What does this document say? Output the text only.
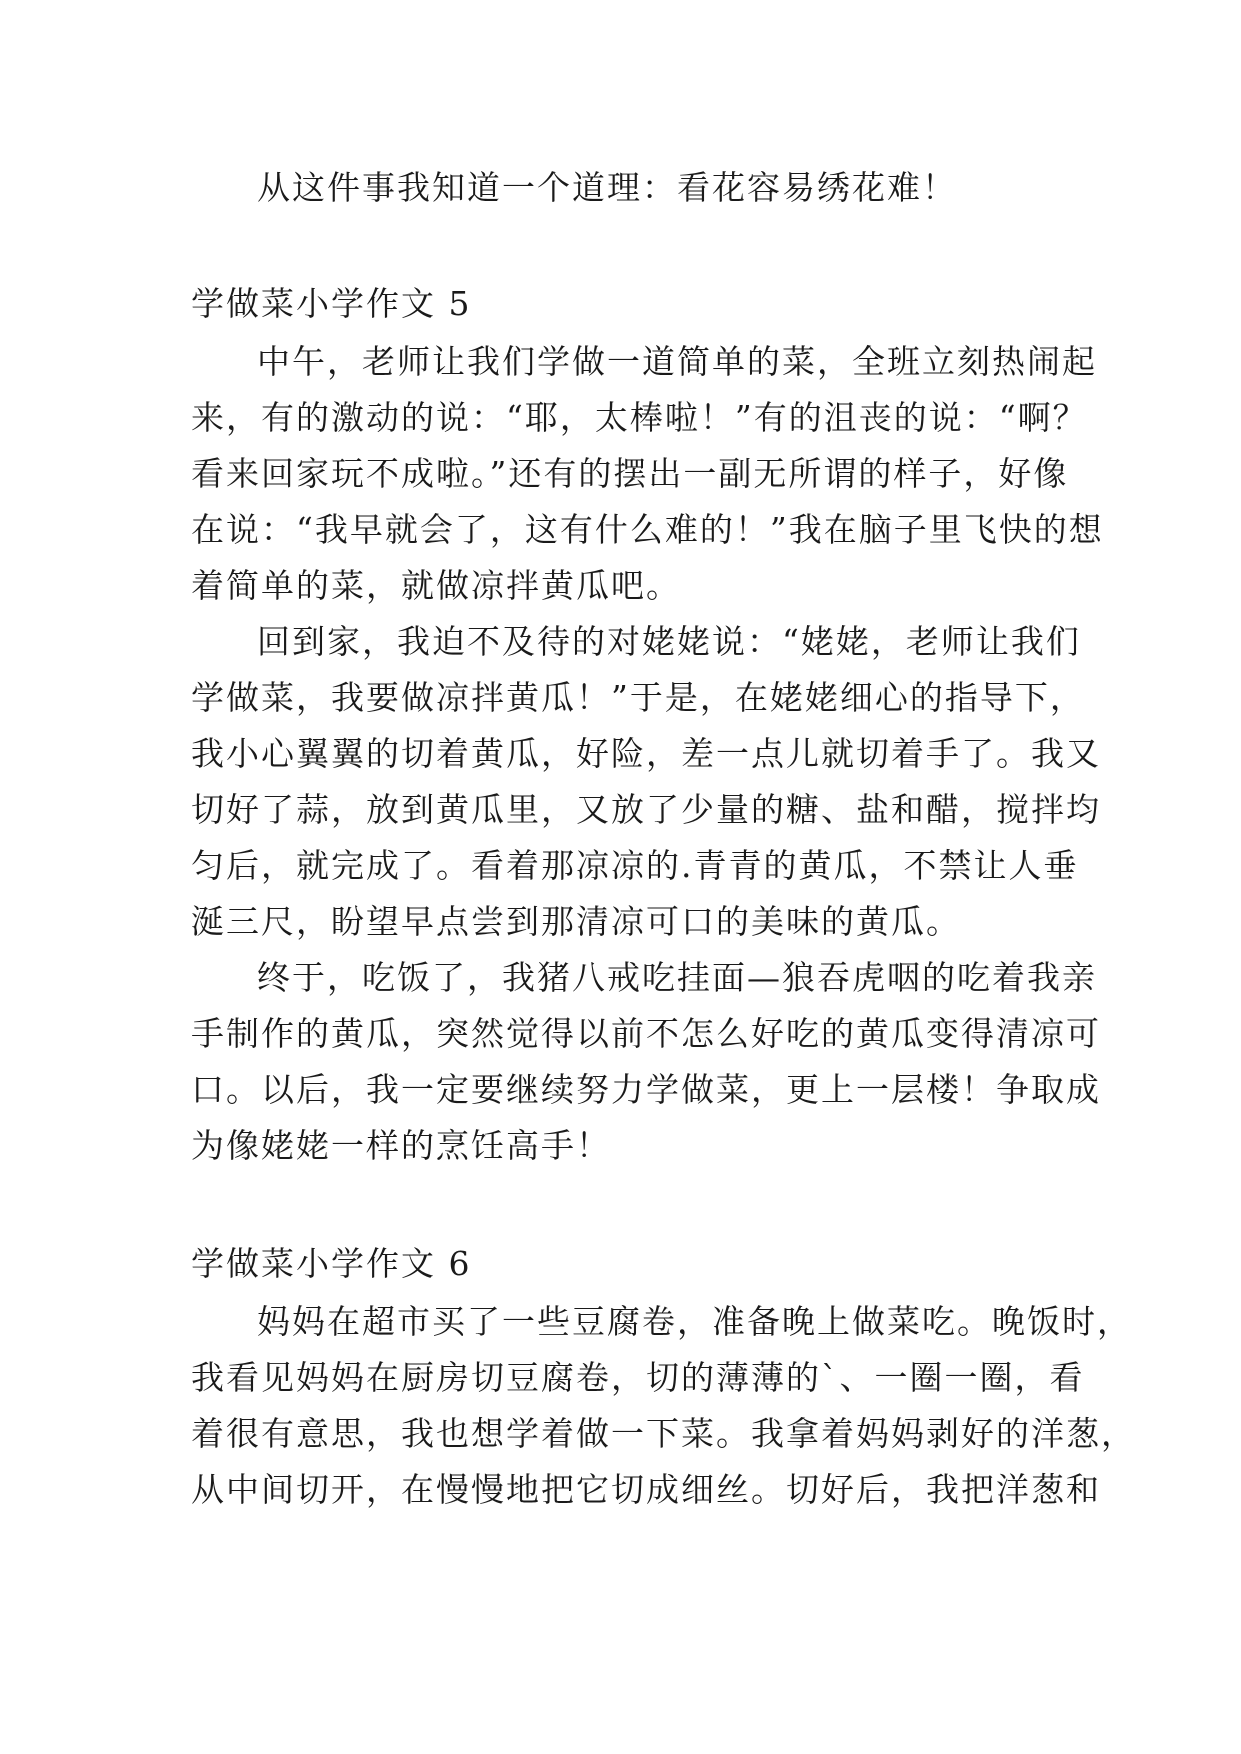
从这件事我知道一个道理：看花容易绣花难！
学做菜小学作文 5
中午，老师让我们学做一道简单的菜，全班立刻热闹起
来，有的激动的说：“耶，太棒啦！”有的沮丧的说：“啊？
看来回家玩不成啦。”还有的摆出一副无所谓的样子，好像
在说：“我早就会了，这有什么难的！”我在脑子里飞快的想
着简单的菜，就做凉拌黄瓜吧。
回到家，我迫不及待的对姥姥说：“姥姥，老师让我们
学做菜，我要做凉拌黄瓜！”于是，在姥姥细心的指导下，
我小心翼翼的切着黄瓜，好险，差一点儿就切着手了。我又
切好了蒜，放到黄瓜里，又放了少量的糖、盐和醋，搅拌均
匀后，就完成了。看着那凉凉的.青青的黄瓜，不禁让人垂
涎三尺，盼望早点尝到那清凉可口的美味的黄瓜。
终于，吃饭了，我猪八戒吃挂面—狼吞虎咽的吃着我亲
手制作的黄瓜，突然觉得以前不怎么好吃的黄瓜变得清凉可
口。以后，我一定要继续努力学做菜，更上一层楼！争取成
为像姥姥一样的烹饪高手！
学做菜小学作文 6
妈妈在超市买了一些豆腐卷，准备晚上做菜吃。晚饭时，
我看见妈妈在厨房切豆腐卷，切的薄薄的`、一圈一圈，看
着很有意思，我也想学着做一下菜。我拿着妈妈剥好的洋葱，
从中间切开，在慢慢地把它切成细丝。切好后，我把洋葱和
